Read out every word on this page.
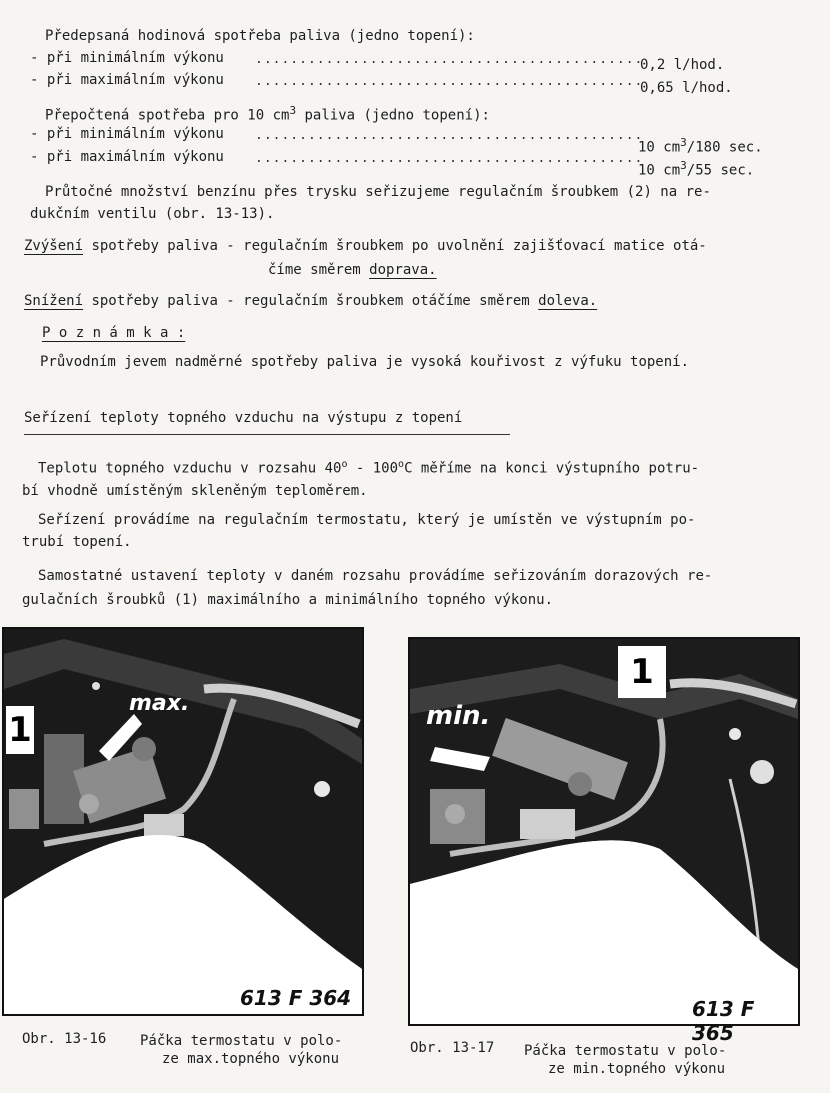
Předepsaná hodinová spotřeba paliva (jedno topení):
- při minimálním výkonu ............................................
0,2 l/hod.
- při maximálním výkonu ............................................
0,65 l/hod.
Přepočtená spotřeba pro 10 $cm^3$ paliva (jedno topení):
- při minimálním výkonu ............................................
10 $cm^3/180$ sec.
- při maximálním výkonu ............................................
10 $cm^3/55$ sec.
Průtočné množství benzínu přes trysku seřizujeme regulačním šroubkem (2) na re-
dukčním ventilu (obr. 13-13).
Zvýšení spotřeby paliva - regulačním šroubkem po uvolnění zajišťovací matice otá-
číme směrem doprava.
Snížení spotřeby paliva - regulačním šroubkem otáčíme směrem doleva.
P o z n á m k a :
Průvodním jevem nadměrné spotřeby paliva je vysoká kouřivost z výfuku topení.
Seřízení teploty topného vzduchu na výstupu z topení
Teplotu topného vzduchu v rozsahu 40$^o$ - 100$^o$C měříme na konci výstupního potru-
bí vhodně umístěným skleněným teploměrem.
Seřízení provádíme na regulačním termostatu, který je umístěn ve výstupním po-
trubí topení.
Samostatné ustavení teploty v daném rozsahu provádíme seřizováním dorazových re-
gulačních šroubků (1) maximálního a minimálního topného výkonu.
1
max.
613 F 364
1
min.
613 F 365
Obr. 13-16 Páčka termostatu v polo-
ze max.topného výkonu
Obr. 13-17 Páčka termostatu v polo-
ze min.topného výkonu
